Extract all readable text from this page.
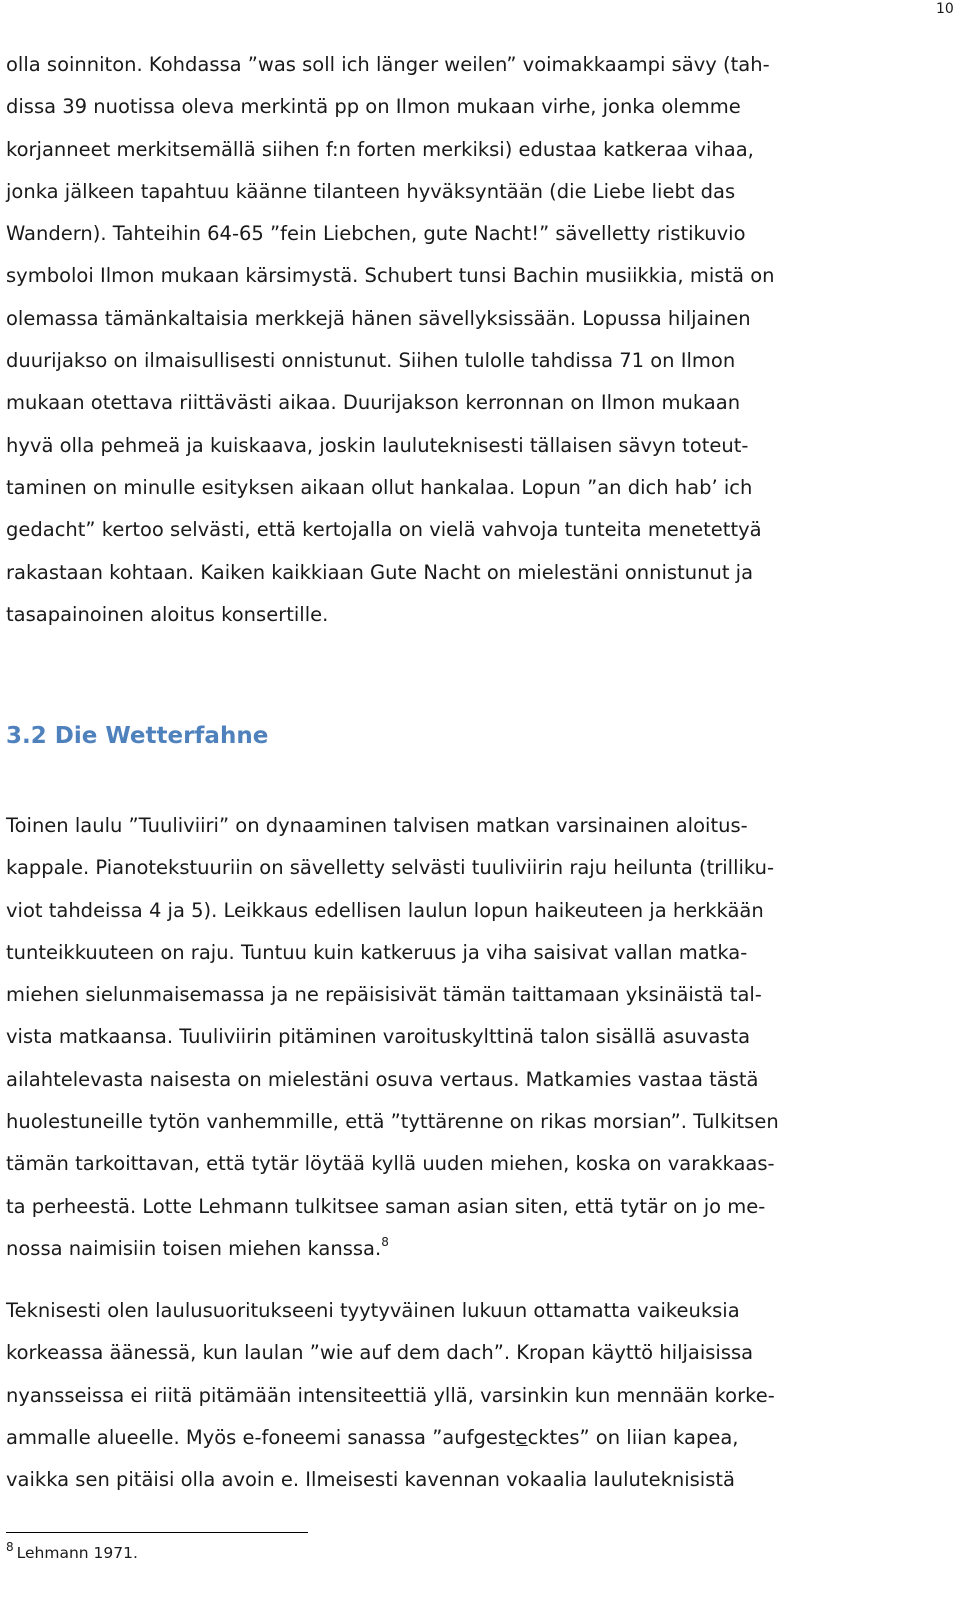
10
olla soinniton. Kohdassa ”was soll ich länger weilen” voimakkaampi sävy (tah-
dissa 39 nuotissa oleva merkintä pp on Ilmon mukaan virhe, jonka olemme
korjanneet merkitsemällä siihen f:n forten merkiksi) edustaa katkeraa vihaa,
jonka jälkeen tapahtuu käänne tilanteen hyväksyntään (die Liebe liebt das
Wandern). Tahteihin 64-65 ”fein Liebchen, gute Nacht!” sävelletty ristikuvio
symboloi Ilmon mukaan kärsimystä. Schubert tunsi Bachin musiikkia, mistä on
olemassa tämänkaltaisia merkkejä hänen sävellyksissään. Lopussa hiljainen
duurijakso on ilmaisullisesti onnistunut. Siihen tulolle tahdissa 71 on Ilmon
mukaan otettava riittävästi aikaa. Duurijakson kerronnan on Ilmon mukaan
hyvä olla pehmeä ja kuiskaava, joskin lauluteknisesti tällaisen sävyn toteut-
taminen on minulle esityksen aikaan ollut hankalaa. Lopun ”an dich hab’ ich
gedacht” kertoo selvästi, että kertojalla on vielä vahvoja tunteita menetettyä
rakastaan kohtaan. Kaiken kaikkiaan Gute Nacht on mielestäni onnistunut ja
tasapainoinen aloitus konsertille.
3.2 Die Wetterfahne
Toinen laulu ”Tuuliviiri” on dynaaminen talvisen matkan varsinainen aloitus-
kappale. Pianotekstuuriin on sävelletty selvästi tuuliviirin raju heilunta (trilliku-
viot tahdeissa 4 ja 5). Leikkaus edellisen laulun lopun haikeuteen ja herkkään
tunteikkuuteen on raju. Tuntuu kuin katkeruus ja viha saisivat vallan matka-
miehen sielunmaisemassa ja ne repäisisivät tämän taittamaan yksinäistä tal-
vista matkaansa. Tuuliviirin pitäminen varoituskylttinä talon sisällä asuvasta
ailahtelevasta naisesta on mielestäni osuva vertaus. Matkamies vastaa tästä
huolestuneille tytön vanhemmille, että ”tyttärenne on rikas morsian”. Tulkitsen
tämän tarkoittavan, että tytär löytää kyllä uuden miehen, koska on varakkaas-
ta perheestä. Lotte Lehmann tulkitsee saman asian siten, että tytär on jo me-
nossa naimisiin toisen miehen kanssa.$^8$
Teknisesti olen laulusuoritukseeni tyytyväinen lukuun ottamatta vaikeuksia
korkeassa äänessä, kun laulan ”wie auf dem dach”. Kropan käyttö hiljaisissa
nyansseissa ei riitä pitämään intensiteettiä yllä, varsinkin kun mennään korke-
ammalle alueelle. Myös e-foneemi sanassa ”aufgestecktes” on liian kapea,
vaikka sen pitäisi olla avoin e. Ilmeisesti kavennan vokaalia lauluteknisistä
$^8$ Lehmann 1971.
